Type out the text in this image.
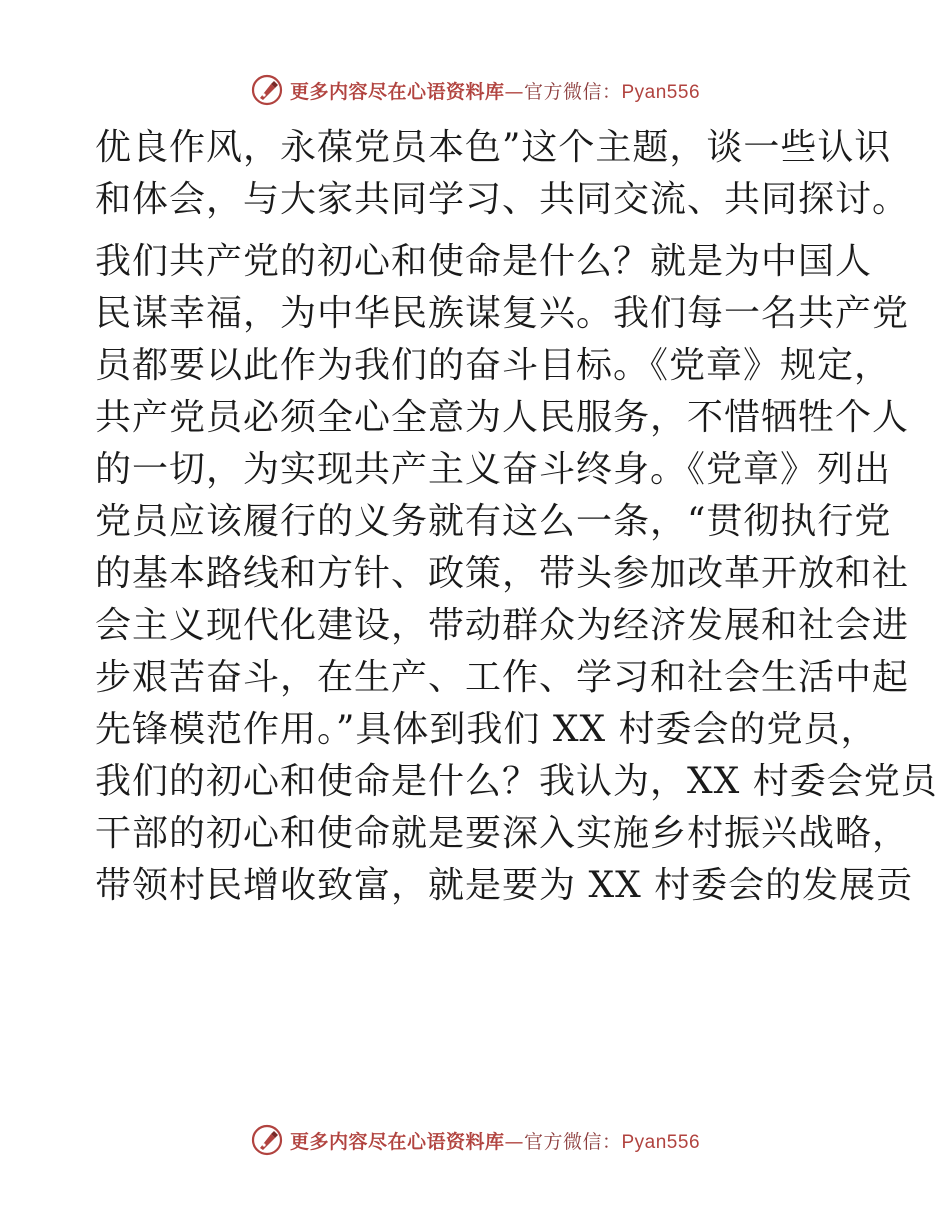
更多内容尽在心语资料库—官方微信：Pyan556
优良作风，永葆党员本色”这个主题，谈一些认识
和体会，与大家共同学习、共同交流、共同探讨。
我们共产党的初心和使命是什么？就是为中国人
民谋幸福，为中华民族谋复兴。我们每一名共产党
员都要以此作为我们的奋斗目标。《党章》规定，
共产党员必须全心全意为人民服务，不惜牺牲个人
的一切，为实现共产主义奋斗终身。《党章》列出
党员应该履行的义务就有这么一条，“贯彻执行党
的基本路线和方针、政策，带头参加改革开放和社
会主义现代化建设，带动群众为经济发展和社会进
步艰苦奋斗，在生产、工作、学习和社会生活中起
先锋模范作用。”具体到我们 XX 村委会的党员，
我们的初心和使命是什么？我认为，XX 村委会党员
干部的初心和使命就是要深入实施乡村振兴战略，
带领村民增收致富，就是要为 XX 村委会的发展贡
更多内容尽在心语资料库—官方微信：Pyan556
